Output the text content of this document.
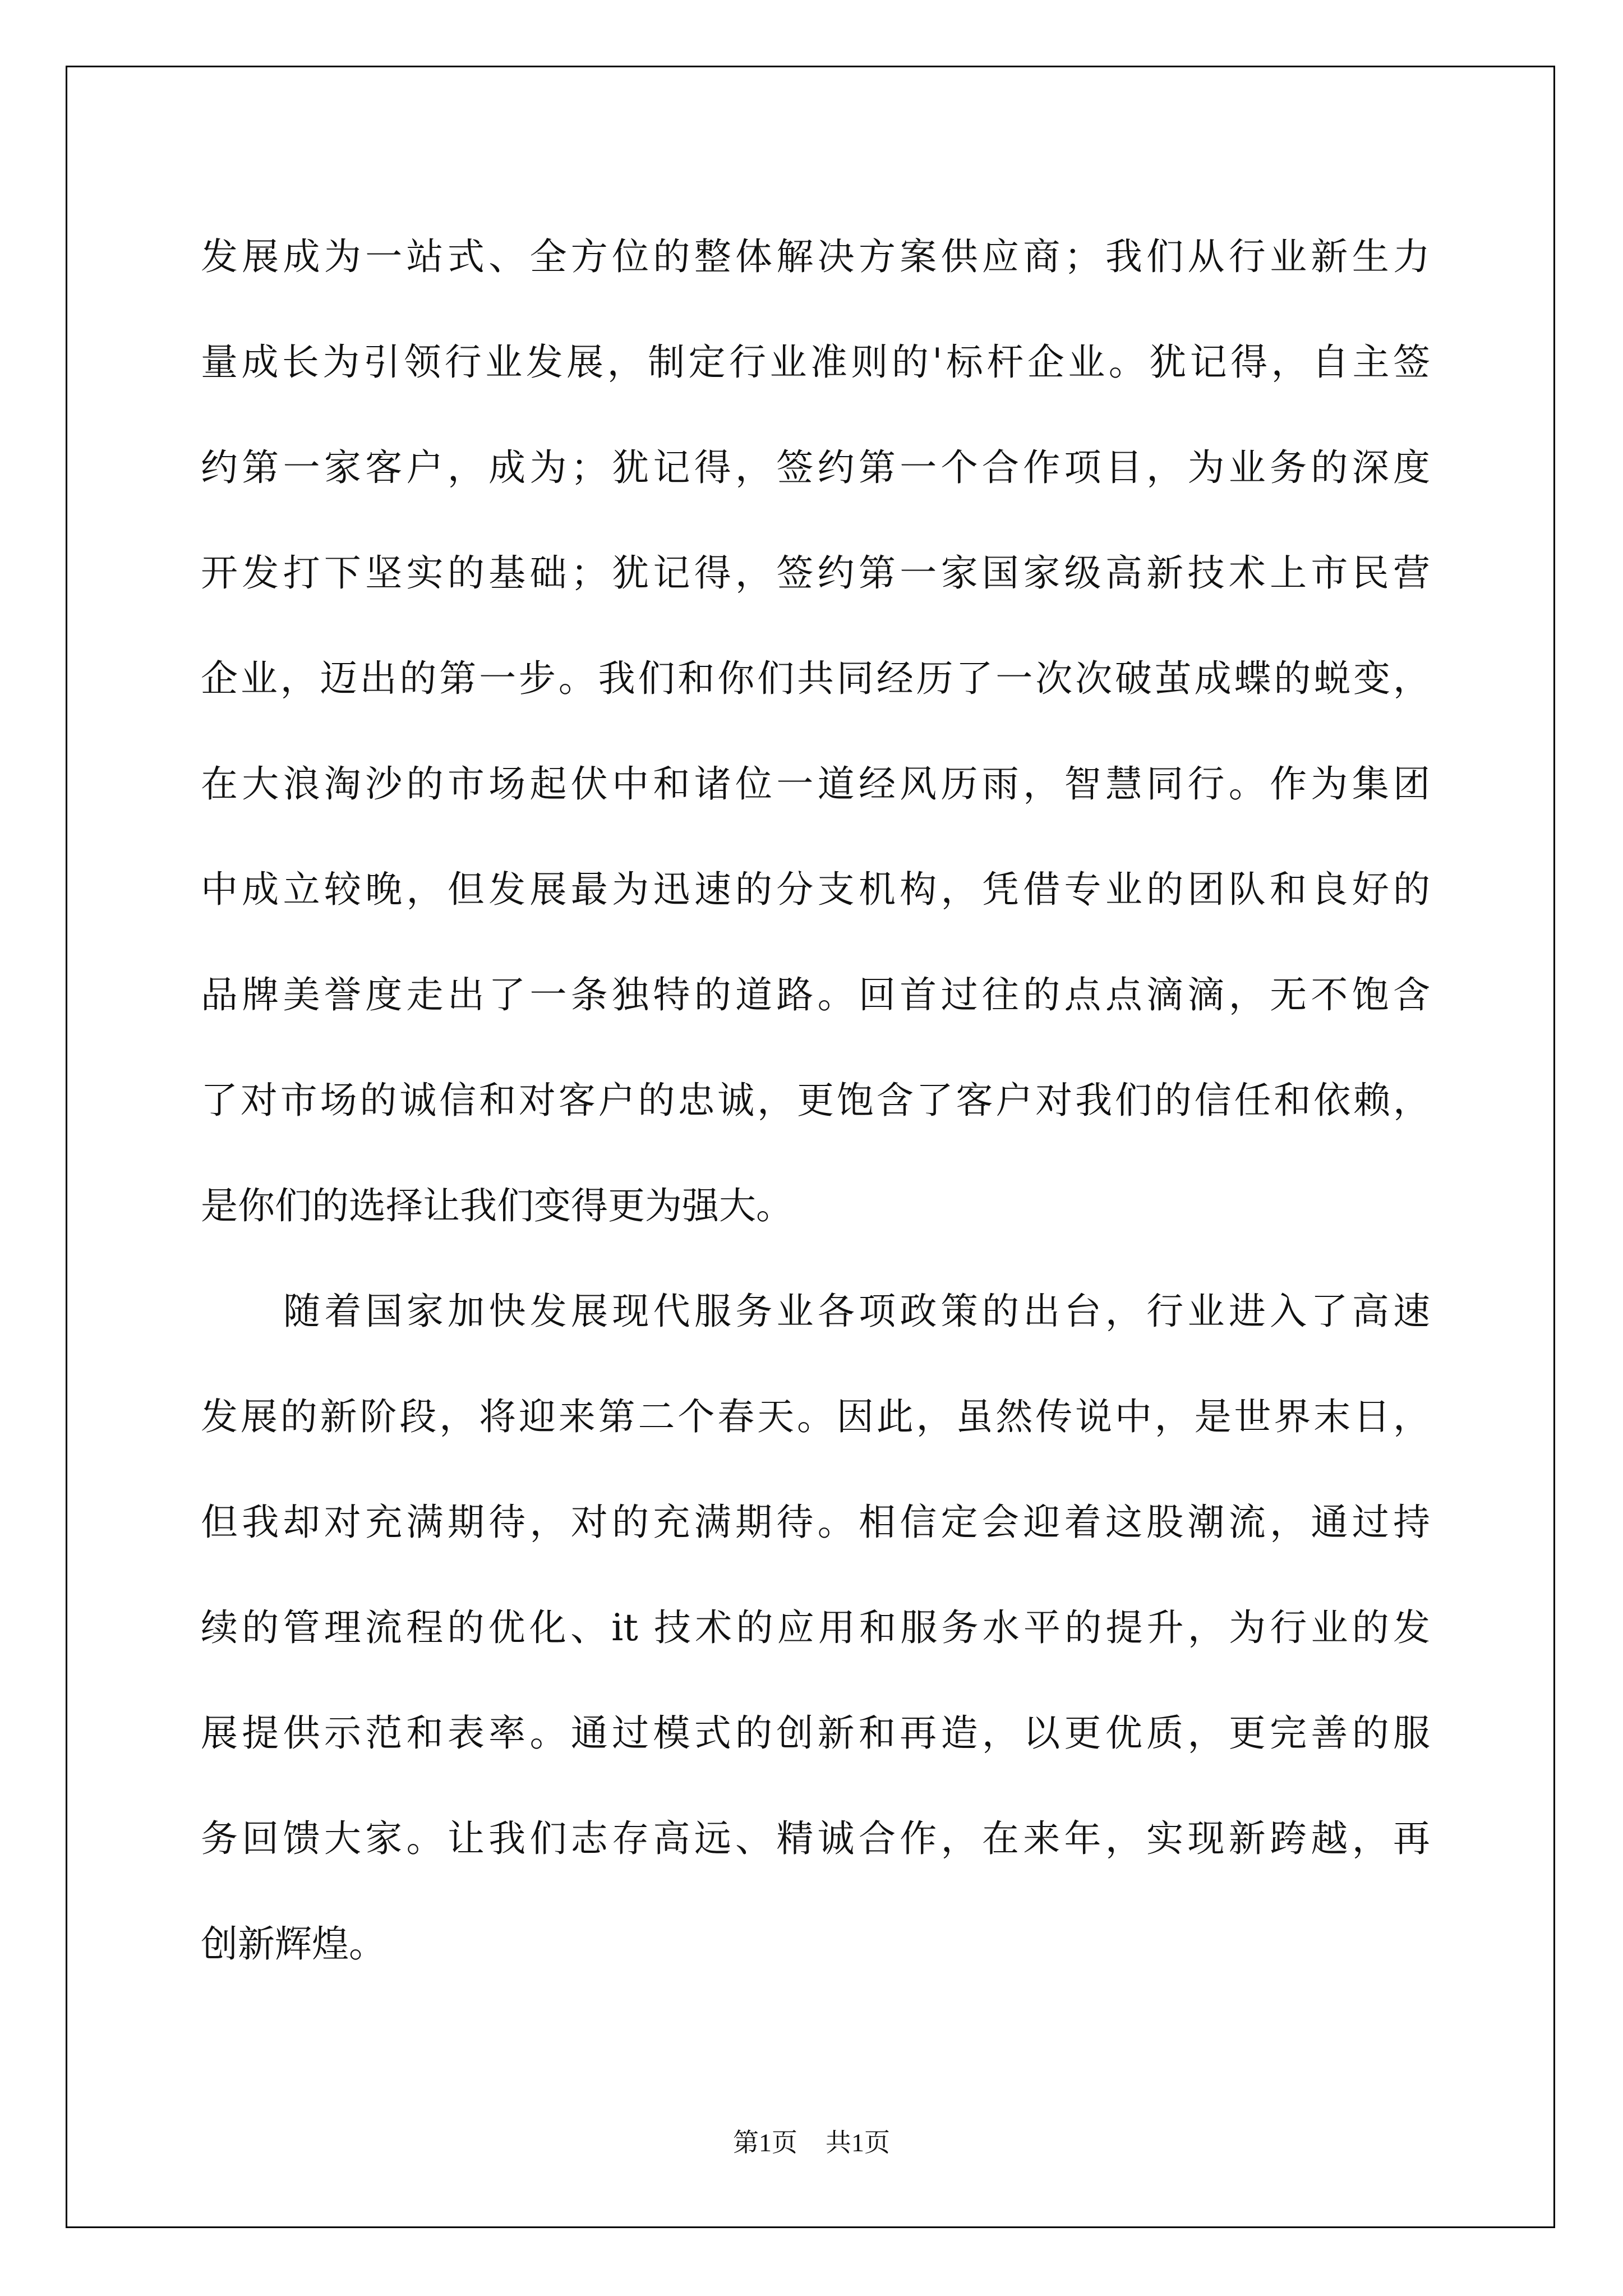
发展成为一站式、全方位的整体解决方案供应商；我们从行业新生力
量成长为引领行业发展，制定行业准则的'标杆企业。犹记得，自主签
约第一家客户，成为；犹记得，签约第一个合作项目，为业务的深度
开发打下坚实的基础；犹记得，签约第一家国家级高新技术上市民营
企业，迈出的第一步。我们和你们共同经历了一次次破茧成蝶的蜕变，
在大浪淘沙的市场起伏中和诸位一道经风历雨，智慧同行。作为集团
中成立较晚，但发展最为迅速的分支机构，凭借专业的团队和良好的
品牌美誉度走出了一条独特的道路。回首过往的点点滴滴，无不饱含
了对市场的诚信和对客户的忠诚，更饱含了客户对我们的信任和依赖，
是你们的选择让我们变得更为强大。
随着国家加快发展现代服务业各项政策的出台，行业进入了高速
发展的新阶段，将迎来第二个春天。因此，虽然传说中，是世界末日，
但我却对充满期待，对的充满期待。相信定会迎着这股潮流，通过持
续的管理流程的优化、it 技术的应用和服务水平的提升，为行业的发
展提供示范和表率。通过模式的创新和再造，以更优质，更完善的服
务回馈大家。让我们志存高远、精诚合作，在来年，实现新跨越，再
创新辉煌。
第1页 共1页
